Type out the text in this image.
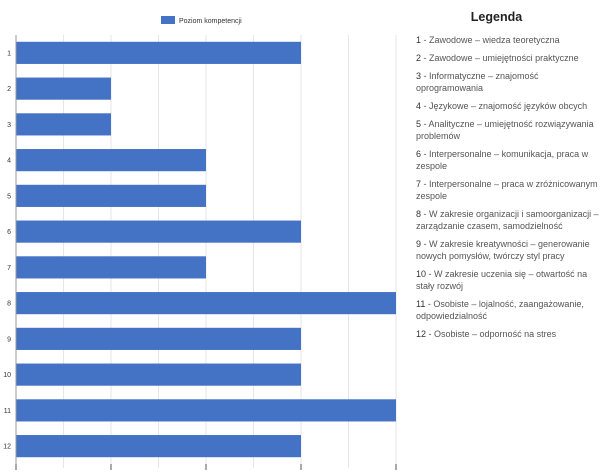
1
2
3
4
5
6
7
8
9
10
11
12
Poziom kompetencji	Legenda
1 - Zawodowe – wiedza teoretyczna
2 - Zawodowe – umiejętności praktyczne
3 - Informatyczne – znajomość oprogramowania
4 - Językowe – znajomość języków obcych
5 - Analityczne – umiejętność rozwiązywania problemów
6 - Interpersonalne – komunikacja, praca w zespole
7 - Interpersonalne – praca w zróżnicowanym zespole
8 - W zakresie organizacji i samoorganizacji – zarządzanie czasem, samodzielność
9 - W zakresie kreatywności – generowanie nowych pomysłów, twórczy styl pracy
10 - W zakresie uczenia się – otwartość na stały rozwój
11 - Osobiste – lojalność, zaangażowanie, odpowiedzialność
12 - Osobiste – odporność na stres
